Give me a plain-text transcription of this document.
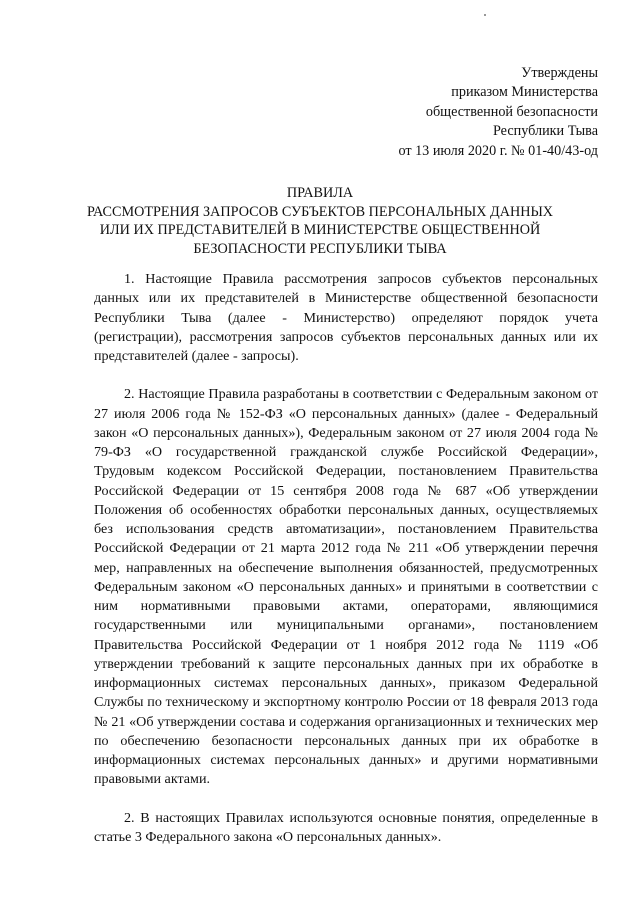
Утверждены
приказом Министерства
общественной безопасности
Республики Тыва
от 13 июля 2020 г. № 01-40/43-од
ПРАВИЛА
РАССМОТРЕНИЯ ЗАПРОСОВ СУБЪЕКТОВ ПЕРСОНАЛЬНЫХ ДАННЫХ
ИЛИ ИХ ПРЕДСТАВИТЕЛЕЙ В МИНИСТЕРСТВЕ ОБЩЕСТВЕННОЙ
БЕЗОПАСНОСТИ РЕСПУБЛИКИ ТЫВА

1. Настоящие Правила рассмотрения запросов субъектов персональных данных или их представителей в Министерстве общественной безопасности Республики Тыва (далее - Министерство) определяют порядок учета (регистрации), рассмотрения запросов субъектов персональных данных или их представителей (далее - запросы).

2. Настоящие Правила разработаны в соответствии с Федеральным законом от 27 июля 2006 года № 152-ФЗ «О персональных данных» (далее - Федеральный закон «О персональных данных»), Федеральным законом от 27 июля 2004 года № 79-ФЗ «О государственной гражданской службе Российской Федерации», Трудовым кодексом Российской Федерации, постановлением Правительства Российской Федерации от 15 сентября 2008 года № 687 «Об утверждении Положения об особенностях обработки персональных данных, осуществляемых без использования средств автоматизации», постановлением Правительства Российской Федерации от 21 марта 2012 года № 211 «Об утверждении перечня мер, направленных на обеспечение выполнения обязанностей, предусмотренных Федеральным законом «О персональных данных» и принятыми в соответствии с ним нормативными правовыми актами, операторами, являющимися государственными или муниципальными органами», постановлением Правительства Российской Федерации от 1 ноября 2012 года № 1119 «Об утверждении требований к защите персональных данных при их обработке в информационных системах персональных данных», приказом Федеральной Службы по техническому и экспортному контролю России от 18 февраля 2013 года № 21 «Об утверждении состава и содержания организационных и технических мер по обеспечению безопасности персональных данных при их обработке в информационных системах персональных данных» и другими нормативными правовыми актами.

2. В настоящих Правилах используются основные понятия, определенные в статье 3 Федерального закона «О персональных данных».
